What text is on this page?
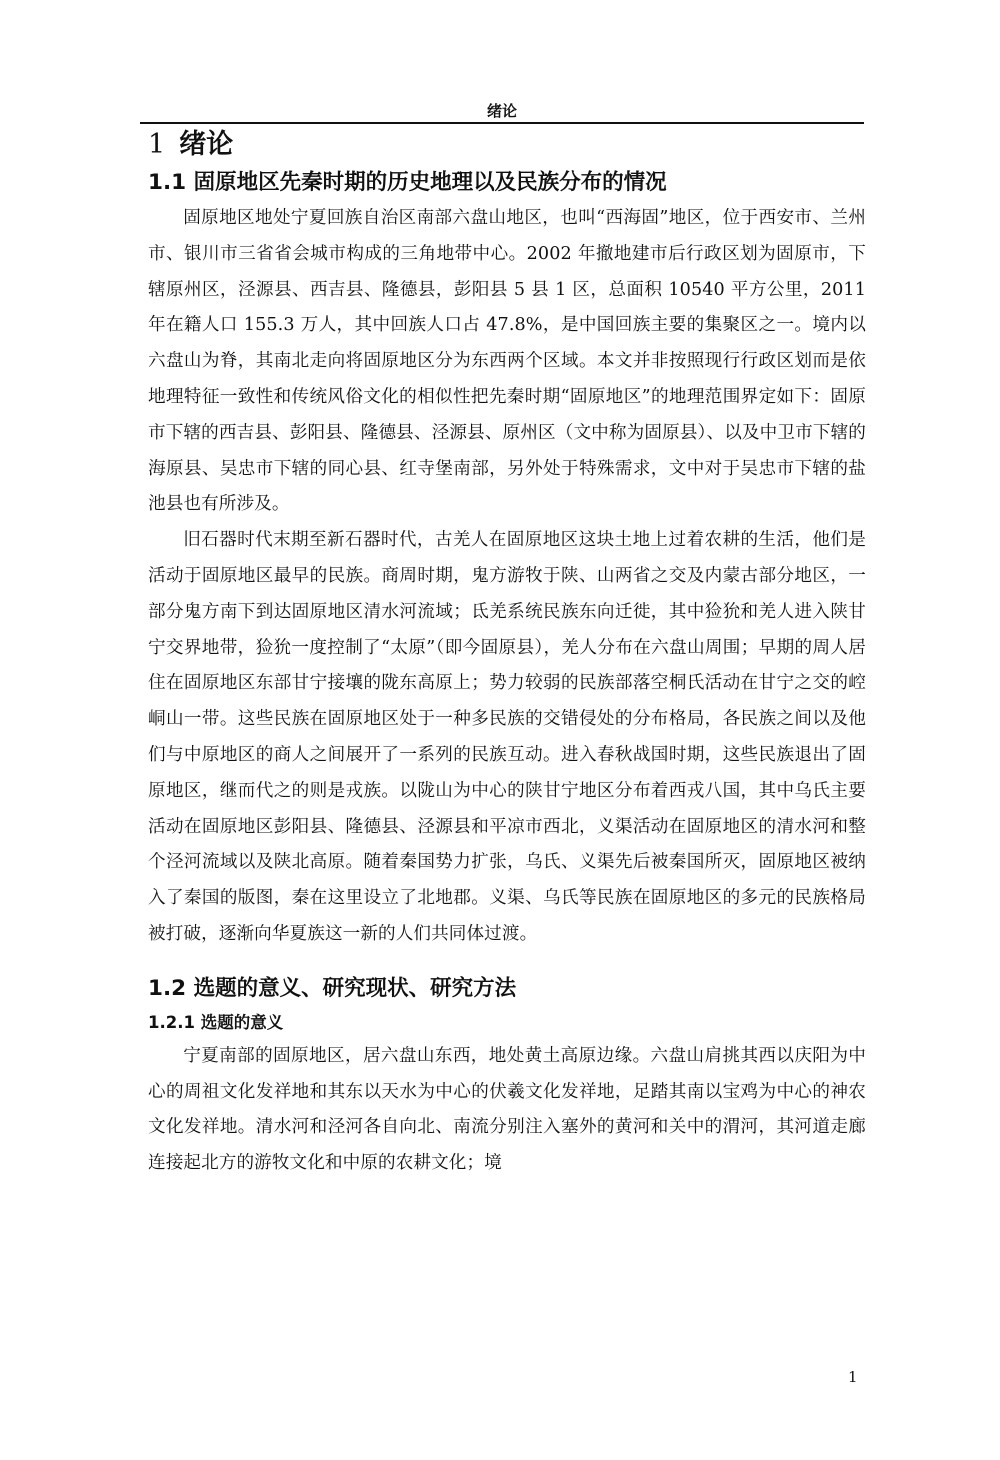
绪论
1 绪论
1.1 固原地区先秦时期的历史地理以及民族分布的情况

固原地区地处宁夏回族自治区南部六盘山地区，也叫“西海固”地区，位于西安市、兰州市、银川市三省省会城市构成的三角地带中心。2002 年撤地建市后行政区划为固原市，下辖原州区，泾源县、西吉县、隆德县，彭阳县 5 县 1 区，总面积 10540 平方公里，2011 年在籍人口 155.3 万人，其中回族人口占 47.8%，是中国回族主要的集聚区之一。境内以六盘山为脊，其南北走向将固原地区分为东西两个区域。本文并非按照现行行政区划而是依地理特征一致性和传统风俗文化的相似性把先秦时期“固原地区”的地理范围界定如下：固原市下辖的西吉县、彭阳县、隆德县、泾源县、原州区（文中称为固原县）、以及中卫市下辖的海原县、吴忠市下辖的同心县、红寺堡南部，另外处于特殊需求，文中对于吴忠市下辖的盐池县也有所涉及。

旧石器时代末期至新石器时代，古羌人在固原地区这块土地上过着农耕的生活，他们是活动于固原地区最早的民族。商周时期，鬼方游牧于陕、山两省之交及内蒙古部分地区，一部分鬼方南下到达固原地区清水河流域；氐羌系统民族东向迁徙，其中猃狁和羌人进入陕甘宁交界地带，猃狁一度控制了“太原”（即今固原县），羌人分布在六盘山周围；早期的周人居住在固原地区东部甘宁接壤的陇东高原上；势力较弱的民族部落空桐氏活动在甘宁之交的崆峒山一带。这些民族在固原地区处于一种多民族的交错侵处的分布格局，各民族之间以及他们与中原地区的商人之间展开了一系列的民族互动。进入春秋战国时期，这些民族退出了固原地区，继而代之的则是戎族。以陇山为中心的陕甘宁地区分布着西戎八国，其中乌氏主要活动在固原地区彭阳县、隆德县、泾源县和平凉市西北，义渠活动在固原地区的清水河和整个泾河流域以及陕北高原。随着秦国势力扩张，乌氏、义渠先后被秦国所灭，固原地区被纳入了秦国的版图，秦在这里设立了北地郡。义渠、乌氏等民族在固原地区的多元的民族格局被打破，逐渐向华夏族这一新的人们共同体过渡。

1.2 选题的意义、研究现状、研究方法
1.2.1 选题的意义

宁夏南部的固原地区，居六盘山东西，地处黄土高原边缘。六盘山肩挑其西以庆阳为中心的周祖文化发祥地和其东以天水为中心的伏羲文化发祥地，足踏其南以宝鸡为中心的神农文化发祥地。清水河和泾河各自向北、南流分别注入塞外的黄河和关中的渭河，其河道走廊连接起北方的游牧文化和中原的农耕文化；境

1
